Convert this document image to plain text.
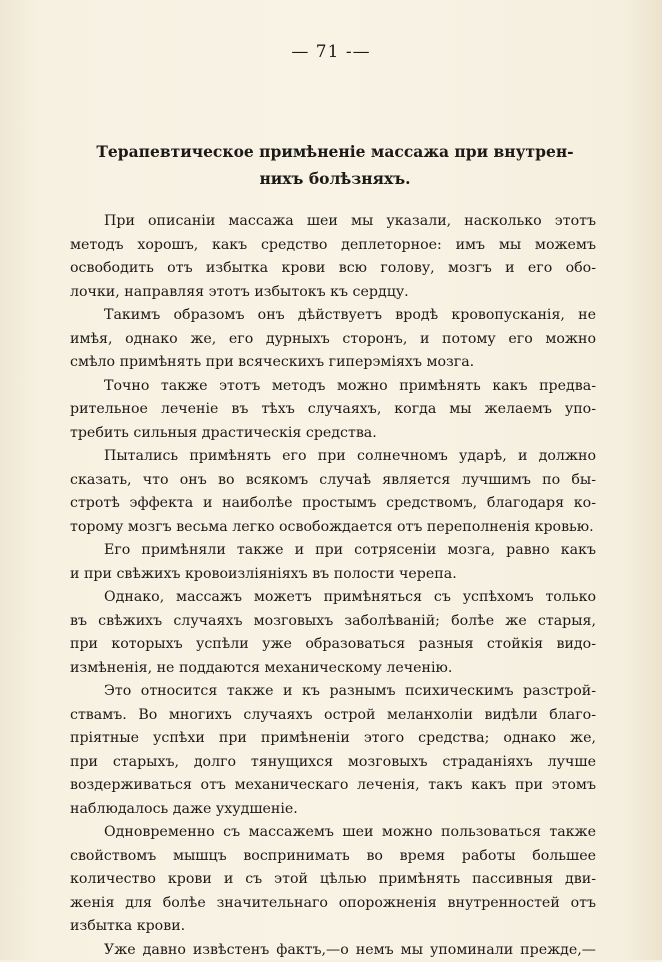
— 71 -—
Терапевтическое примѣненіе массажа при внутрен-
нихъ болѣзняхъ.
При описаніи массажа шеи мы указали, насколько этотъ
методъ хорошъ, какъ средство деплеторное: имъ мы можемъ
освободить отъ избытка крови всю голову, мозгъ и его обо-
лочки, направляя этотъ избытокъ къ сердцу.
Такимъ образомъ онъ дѣйствуетъ вродѣ кровопусканія, не
имѣя, однако же, его дурныхъ сторонъ, и потому его можно
смѣло примѣнять при всяческихъ гиперэміяхъ мозга.
Точно также этотъ методъ можно примѣнять какъ предва-
рительное леченіе въ тѣхъ случаяхъ, когда мы желаемъ упо-
требить сильныя драстическія средства.
Пытались примѣнять его при солнечномъ ударѣ, и должно
сказать, что онъ во всякомъ случаѣ является лучшимъ по бы-
стротѣ эффекта и наиболѣе простымъ средствомъ, благодаря ко-
торому мозгъ весьма легко освобождается отъ переполненія кровью.
Его примѣняли также и при сотрясеніи мозга, равно какъ
и при свѣжихъ кровоизліяніяхъ въ полости черепа.
Однако, массажъ можетъ примѣняться съ успѣхомъ только
въ свѣжихъ случаяхъ мозговыхъ заболѣваній; болѣе же старыя,
при которыхъ успѣли уже образоваться разныя стойкія видо-
измѣненія, не поддаются механическому леченію.
Это относится также и къ разнымъ психическимъ разстрой-
ствамъ. Во многихъ случаяхъ острой меланхоліи видѣли благо-
пріятные успѣхи при примѣненіи этого средства; однако же,
при старыхъ, долго тянущихся мозговыхъ страданіяхъ лучше
воздерживаться отъ механическаго леченія, такъ какъ при этомъ
наблюдалось даже ухудшеніе.
Одновременно съ массажемъ шеи можно пользоваться также
свойствомъ мышцъ воспринимать во время работы большее
количество крови и съ этой цѣлью примѣнять пассивныя дви-
женія для болѣе значительнаго опорожненія внутренностей отъ
избытка крови.
Уже давно извѣстенъ фактъ,—о немъ мы упоминали прежде,—
